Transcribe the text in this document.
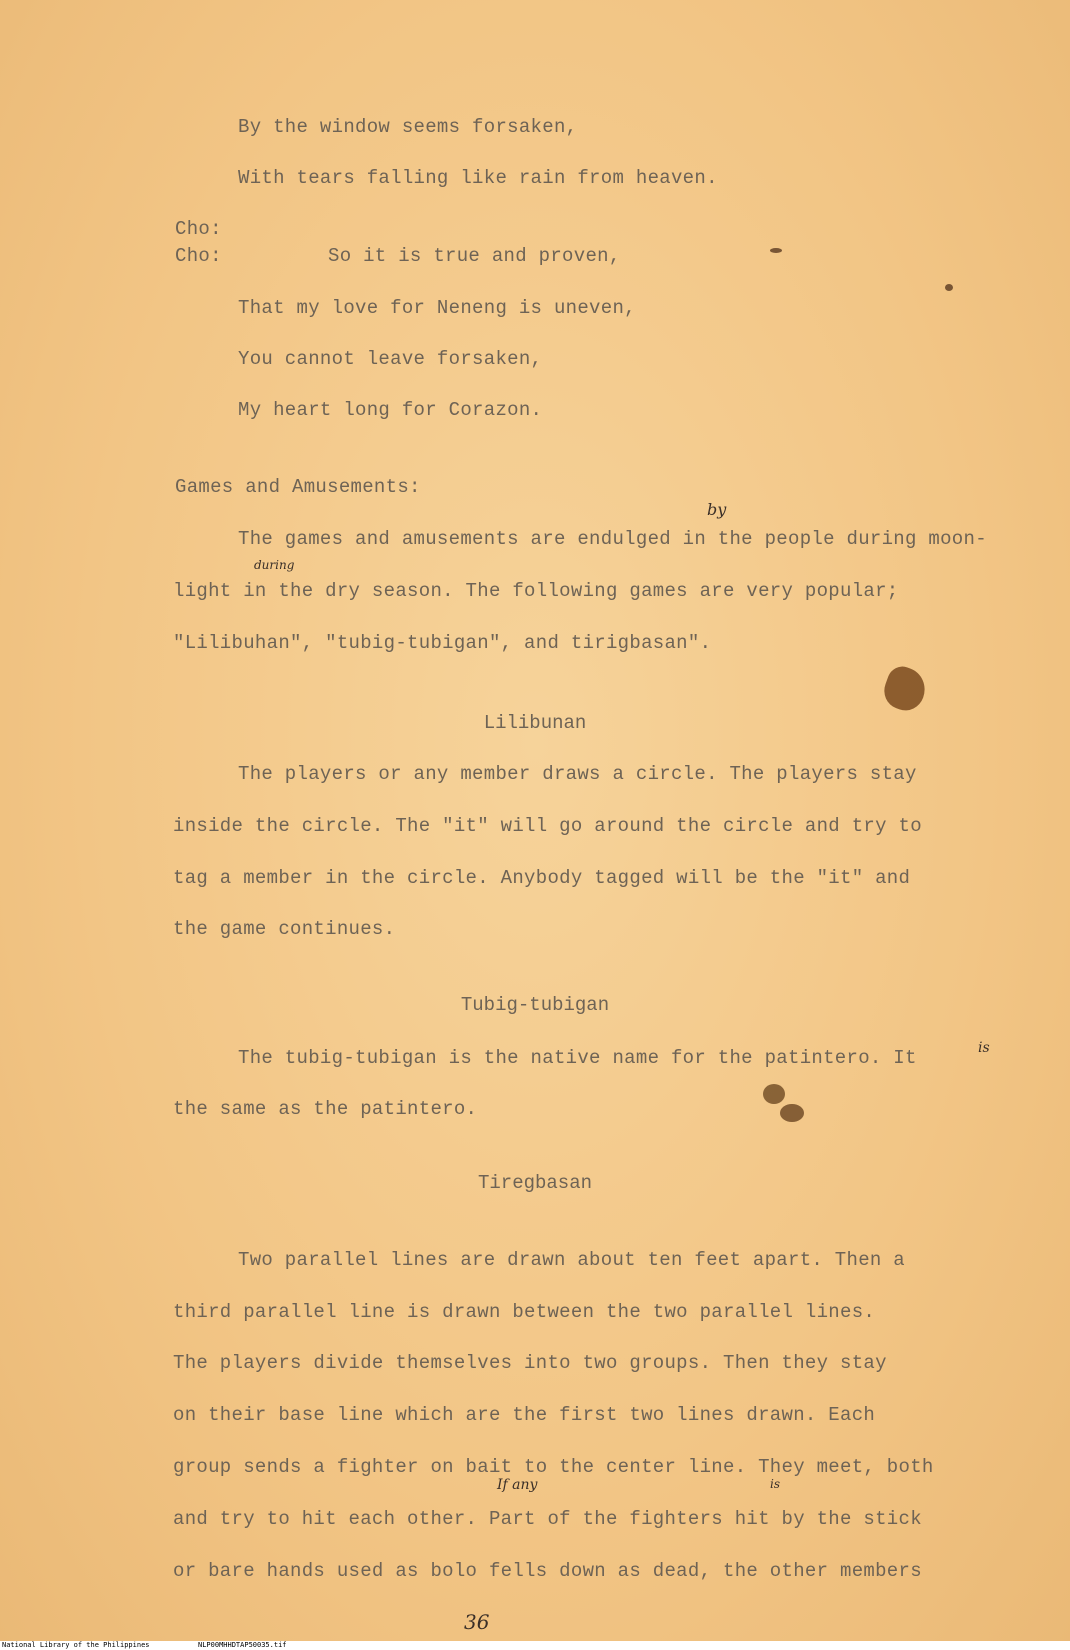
By the window seems forsaken,
With tears falling like rain from heaven.
Cho:
Cho:	So it is true and proven,
That my love for Neneng is uneven,
You cannot leave forsaken,
My heart long for Corazon.
Games and Amusements:
The games and amusements are endulged in the people during moon-
light in the dry season. The following games are very popular;
"Lilibuhan", "tubig-tubigan", and tirigbasan".
by
during
is
If any	is
Lilibunan
The players or any member draws a circle. The players stay
inside the circle. The "it" will go around the circle and try to
tag a member in the circle. Anybody tagged will be the "it" and
the game continues.
Tubig-tubigan
The tubig-tubigan is the native name for the patintero. It
the same as the patintero.
Tiregbasan
Two parallel lines are drawn about ten feet apart. Then a
third parallel line is drawn between the two parallel lines.
The players divide themselves into two groups. Then they stay
on their base line which are the first two lines drawn. Each
group sends a fighter on bait to the center line. They meet, both
and try to hit each other. Part of the fighters hit by the stick
or bare hands used as bolo fells down as dead, the other members
36
National Library of the Philippines	NLP00MHHDTAP50035.tif
